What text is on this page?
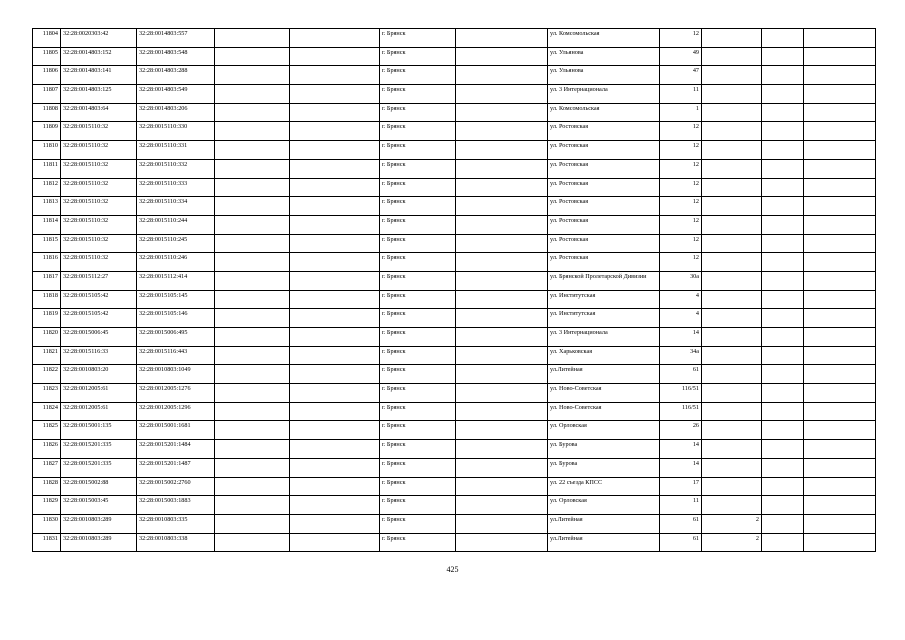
11804	32:28:0020303:42	32:28:0014803:557			г. Брянск		ул. Комсомольская	12			
11805	32:28:0014803:152	32:28:0014803:548			г. Брянск		ул. Ульянова	49			
11806	32:28:0014803:141	32:28:0014803:288			г. Брянск		ул. Ульянова	47			
11807	32:28:0014803:125	32:28:0014803:549			г. Брянск		ул. 3 Интернационала	11			
11808	32:28:0014803:64	32:28:0014803:206			г. Брянск		ул. Комсомольская	1			
11809	32:28:0015110:32	32:28:0015110:330			г. Брянск		ул. Ростовская	12			
11810	32:28:0015110:32	32:28:0015110:331			г. Брянск		ул. Ростовская	12			
11811	32:28:0015110:32	32:28:0015110:332			г. Брянск		ул. Ростовская	12			
11812	32:28:0015110:32	32:28:0015110:333			г. Брянск		ул. Ростовская	12			
11813	32:28:0015110:32	32:28:0015110:334			г. Брянск		ул. Ростовская	12			
11814	32:28:0015110:32	32:28:0015110:244			г. Брянск		ул. Ростовская	12			
11815	32:28:0015110:32	32:28:0015110:245			г. Брянск		ул. Ростовская	12			
11816	32:28:0015110:32	32:28:0015110:246			г. Брянск		ул. Ростовская	12			
11817	32:28:0015112:27	32:28:0015112:414			г. Брянск		ул. Брянской Пролетарской Дивизии	30а			
11818	32:28:0015105:42	32:28:0015105:145			г. Брянск		ул. Институтская	4			
11819	32:28:0015105:42	32:28:0015105:146			г. Брянск		ул. Институтская	4			
11820	32:28:0015006:45	32:28:0015006:495			г. Брянск		ул. 3 Интернационала	14			
11821	32:28:0015116:33	32:28:0015116:443			г. Брянск		ул. Харьковская	34а			
11822	32:28:0010803:20	32:28:0010803:1049			г. Брянск		ул.Литейная	61			
11823	32:28:0012005:61	32:28:0012005:1276			г. Брянск		ул. Ново-Советская	116/51			
11824	32:28:0012005:61	32:28:0012005:1296			г. Брянск		ул. Ново-Советская	116/51			
11825	32:28:0015001:135	32:28:0015001:1681			г. Брянск		ул. Орловская	26			
11826	32:28:0015201:335	32:28:0015201:1484			г. Брянск		ул. Бурова	14			
11827	32:28:0015201:335	32:28:0015201:1487			г. Брянск		ул. Бурова	14			
11828	32:28:0015002:88	32:28:0015002:2760			г. Брянск		ул. 22 съезда КПСС	17			
11829	32:28:0015003:45	32:28:0015003:1883			г. Брянск		ул. Орловская	11			
11830	32:28:0010803:289	32:28:0010803:335			г. Брянск		ул.Литейная	61	2		
11831	32:28:0010803:289	32:28:0010803:338			г. Брянск		ул.Литейная	61	2		
425
